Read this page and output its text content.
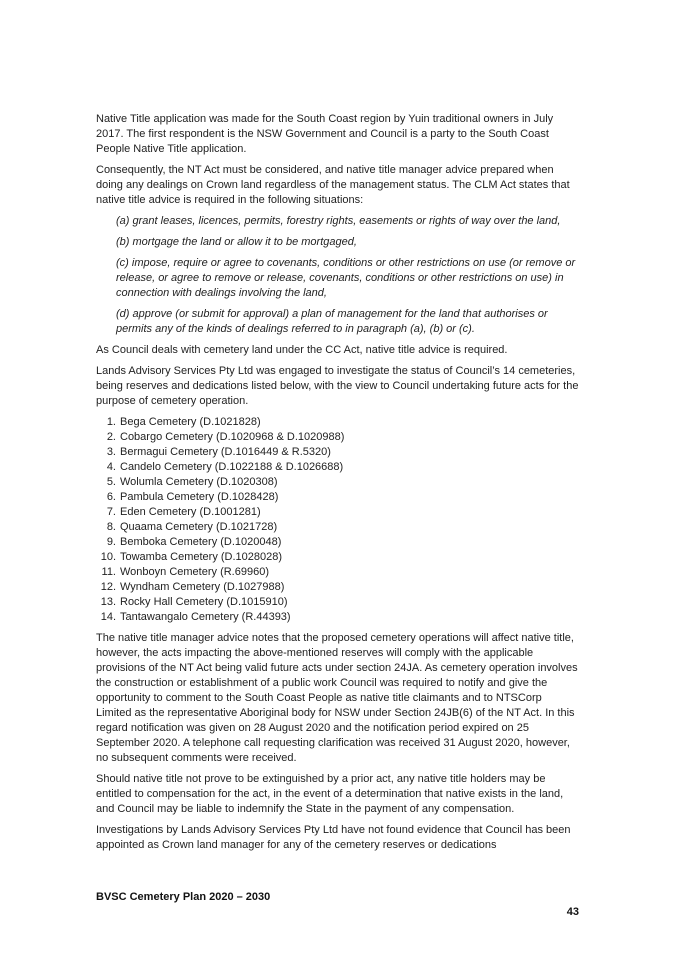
Native Title application was made for the South Coast region by Yuin traditional owners in July 2017. The first respondent is the NSW Government and Council is a party to the South Coast People Native Title application.

Consequently, the NT Act must be considered, and native title manager advice prepared when doing any dealings on Crown land regardless of the management status. The CLM Act states that native title advice is required in the following situations:

(a) grant leases, licences, permits, forestry rights, easements or rights of way over the land,

(b) mortgage the land or allow it to be mortgaged,

(c) impose, require or agree to covenants, conditions or other restrictions on use (or remove or release, or agree to remove or release, covenants, conditions or other restrictions on use) in connection with dealings involving the land,

(d) approve (or submit for approval) a plan of management for the land that authorises or permits any of the kinds of dealings referred to in paragraph (a), (b) or (c).

As Council deals with cemetery land under the CC Act, native title advice is required.

Lands Advisory Services Pty Ltd was engaged to investigate the status of Council’s 14 cemeteries, being reserves and dedications listed below, with the view to Council undertaking future acts for the purpose of cemetery operation.

1. Bega Cemetery (D.1021828)
2. Cobargo Cemetery (D.1020968 & D.1020988)
3. Bermagui Cemetery (D.1016449 & R.5320)
4. Candelo Cemetery (D.1022188 & D.1026688)
5. Wolumla Cemetery (D.1020308)
6. Pambula Cemetery (D.1028428)
7. Eden Cemetery (D.1001281)
8. Quaama Cemetery (D.1021728)
9. Bemboka Cemetery (D.1020048)
10. Towamba Cemetery (D.1028028)
11. Wonboyn Cemetery (R.69960)
12. Wyndham Cemetery (D.1027988)
13. Rocky Hall Cemetery (D.1015910)
14. Tantawangalo Cemetery (R.44393)

The native title manager advice notes that the proposed cemetery operations will affect native title, however, the acts impacting the above-mentioned reserves will comply with the applicable provisions of the NT Act being valid future acts under section 24JA. As cemetery operation involves the construction or establishment of a public work Council was required to notify and give the opportunity to comment to the South Coast People as native title claimants and to NTSCorp Limited as the representative Aboriginal body for NSW under Section 24JB(6) of the NT Act. In this regard notification was given on 28 August 2020 and the notification period expired on 25 September 2020. A telephone call requesting clarification was received 31 August 2020, however, no subsequent comments were received.

Should native title not prove to be extinguished by a prior act, any native title holders may be entitled to compensation for the act, in the event of a determination that native exists in the land, and Council may be liable to indemnify the State in the payment of any compensation.

Investigations by Lands Advisory Services Pty Ltd have not found evidence that Council has been appointed as Crown land manager for any of the cemetery reserves or dedications

BVSC Cemetery Plan 2020 – 2030
43
